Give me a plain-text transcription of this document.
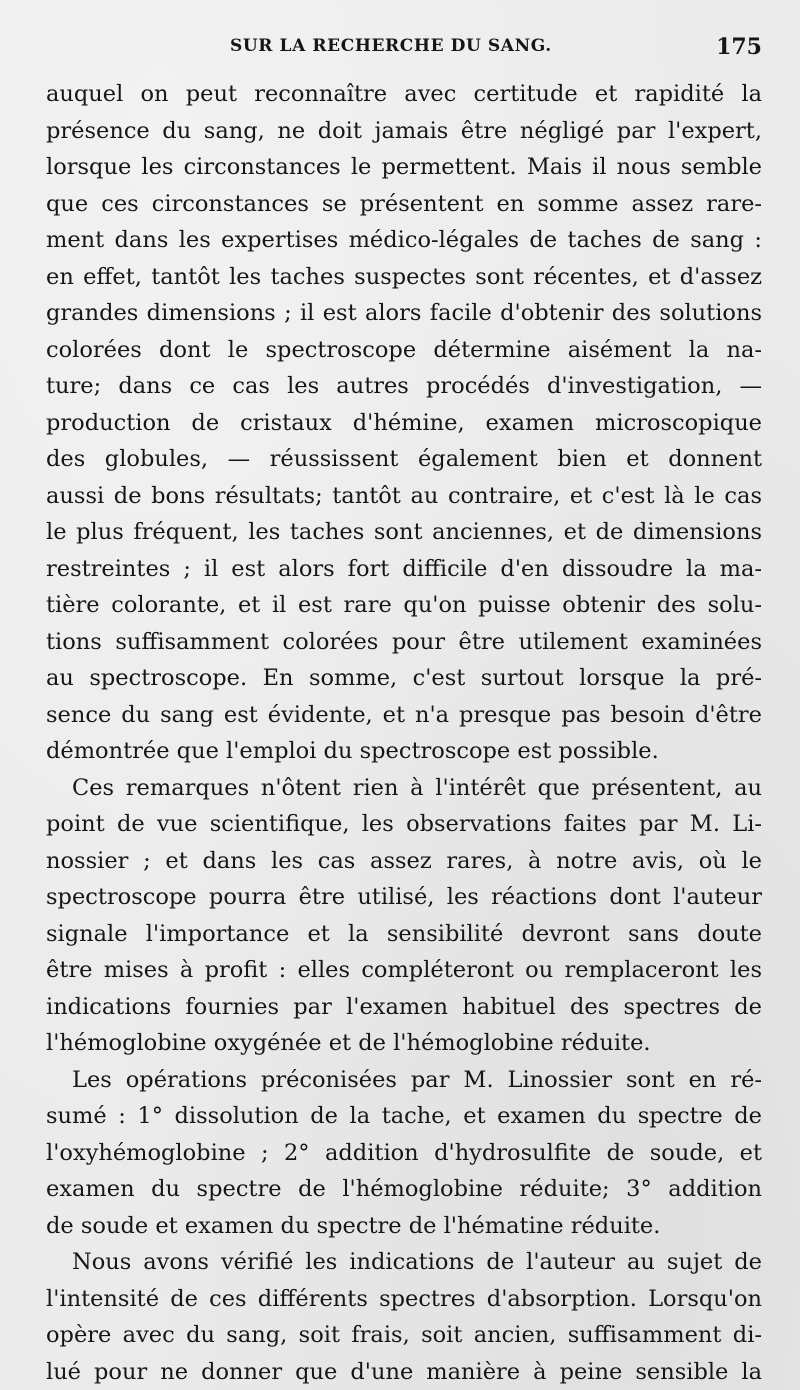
SUR LA RECHERCHE DU SANG.	175
auquel on peut reconnaître avec certitude et rapidité la
présence du sang, ne doit jamais être négligé par l'expert,
lorsque les circonstances le permettent. Mais il nous semble
que ces circonstances se présentent en somme assez rare-
ment dans les expertises médico-légales de taches de sang :
en effet, tantôt les taches suspectes sont récentes, et d'assez
grandes dimensions ; il est alors facile d'obtenir des solutions
colorées dont le spectroscope détermine aisément la na-
ture; dans ce cas les autres procédés d'investigation, —
production de cristaux d'hémine, examen microscopique
des globules, — réussissent également bien et donnent
aussi de bons résultats; tantôt au contraire, et c'est là le cas
le plus fréquent, les taches sont anciennes, et de dimensions
restreintes ; il est alors fort difficile d'en dissoudre la ma-
tière colorante, et il est rare qu'on puisse obtenir des solu-
tions suffisamment colorées pour être utilement examinées
au spectroscope. En somme, c'est surtout lorsque la pré-
sence du sang est évidente, et n'a presque pas besoin d'être
démontrée que l'emploi du spectroscope est possible.
Ces remarques n'ôtent rien à l'intérêt que présentent, au
point de vue scientifique, les observations faites par M. Li-
nossier ; et dans les cas assez rares, à notre avis, où le
spectroscope pourra être utilisé, les réactions dont l'auteur
signale l'importance et la sensibilité devront sans doute
être mises à profit : elles compléteront ou remplaceront les
indications fournies par l'examen habituel des spectres de
l'hémoglobine oxygénée et de l'hémoglobine réduite.
Les opérations préconisées par M. Linossier sont en ré-
sumé : 1° dissolution de la tache, et examen du spectre de
l'oxyhémoglobine ; 2° addition d'hydrosulfite de soude, et
examen du spectre de l'hémoglobine réduite; 3° addition
de soude et examen du spectre de l'hématine réduite.
Nous avons vérifié les indications de l'auteur au sujet de
l'intensité de ces différents spectres d'absorption. Lorsqu'on
opère avec du sang, soit frais, soit ancien, suffisamment di-
lué pour ne donner que d'une manière à peine sensible la
